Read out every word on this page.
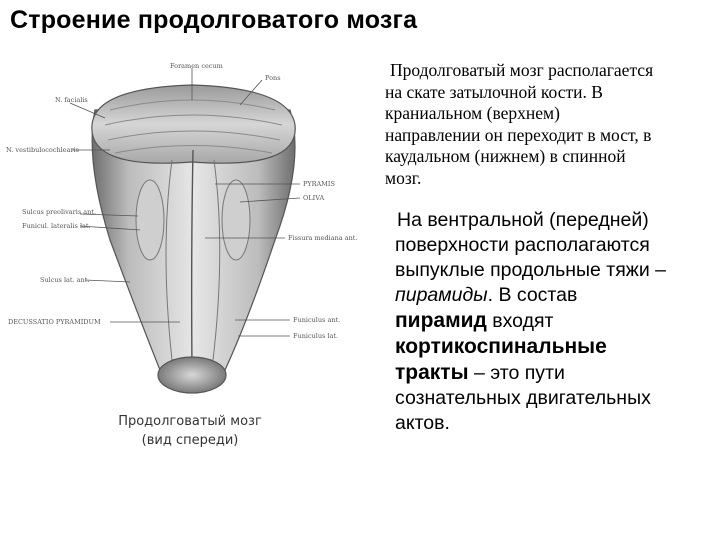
Строение продолговатого мозга
Foramen cecum
Pons
N. facialis
N. vestibulocochlearis
PYRAMIS
OLIVA
Sulcus preolivaris ant.
Funicul. lateralis lat.
Fissura mediana ant.
Sulcus lat. ant.
DECUSSATIO PYRAMIDUM	Funiculus ant.
Funiculus lat.
Продолговатый мозг
(вид спереди)
Продолговатый мозг располагается
на скате затылочной кости. В
краниальном (верхнем)
направлении он переходит в мост, в
каудальном (нижнем) в спинной
мозг.
На вентральной (передней)
поверхности располагаются
выпуклые продольные тяжи –
пирамиды. В состав
пирамид входят
кортикоспинальные
тракты – это пути
сознательных двигательных
актов.
